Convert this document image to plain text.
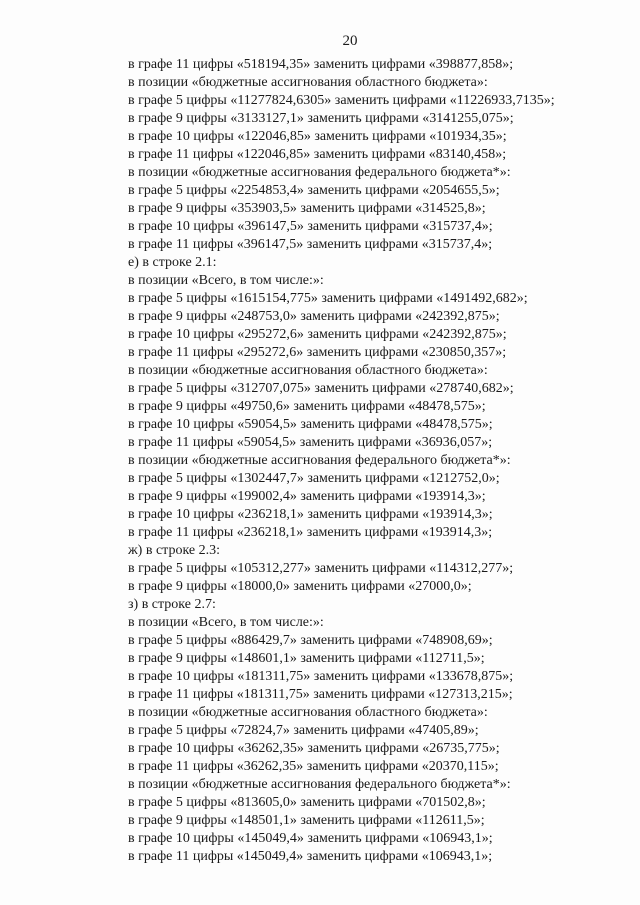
20
в графе 11 цифры «518194,35» заменить цифрами «398877,858»;
в позиции «бюджетные ассигнования областного бюджета»:
в графе 5 цифры «11277824,6305» заменить цифрами «11226933,7135»;
в графе 9 цифры «3133127,1» заменить цифрами «3141255,075»;
в графе 10 цифры «122046,85» заменить цифрами «101934,35»;
в графе 11 цифры «122046,85» заменить цифрами «83140,458»;
в позиции «бюджетные ассигнования федерального бюджета*»:
в графе 5 цифры «2254853,4» заменить цифрами «2054655,5»;
в графе 9 цифры «353903,5» заменить цифрами «314525,8»;
в графе 10 цифры «396147,5» заменить цифрами «315737,4»;
в графе 11 цифры «396147,5» заменить цифрами «315737,4»;
е) в строке 2.1:
в позиции «Всего, в том числе:»:
в графе 5 цифры «1615154,775» заменить цифрами «1491492,682»;
в графе 9 цифры «248753,0» заменить цифрами «242392,875»;
в графе 10 цифры «295272,6» заменить цифрами «242392,875»;
в графе 11 цифры «295272,6» заменить цифрами «230850,357»;
в позиции «бюджетные ассигнования областного бюджета»:
в графе 5 цифры «312707,075» заменить цифрами «278740,682»;
в графе 9 цифры «49750,6» заменить цифрами «48478,575»;
в графе 10 цифры «59054,5» заменить цифрами «48478,575»;
в графе 11 цифры «59054,5» заменить цифрами «36936,057»;
в позиции «бюджетные ассигнования федерального бюджета*»:
в графе 5 цифры «1302447,7» заменить цифрами «1212752,0»;
в графе 9 цифры «199002,4» заменить цифрами «193914,3»;
в графе 10 цифры «236218,1» заменить цифрами «193914,3»;
в графе 11 цифры «236218,1» заменить цифрами «193914,3»;
ж) в строке 2.3:
в графе 5 цифры «105312,277» заменить цифрами «114312,277»;
в графе 9 цифры «18000,0» заменить цифрами «27000,0»;
з) в строке 2.7:
в позиции «Всего, в том числе:»:
в графе 5 цифры «886429,7» заменить цифрами «748908,69»;
в графе 9 цифры «148601,1» заменить цифрами «112711,5»;
в графе 10 цифры «181311,75» заменить цифрами «133678,875»;
в графе 11 цифры «181311,75» заменить цифрами «127313,215»;
в позиции «бюджетные ассигнования областного бюджета»:
в графе 5 цифры «72824,7» заменить цифрами «47405,89»;
в графе 10 цифры «36262,35» заменить цифрами «26735,775»;
в графе 11 цифры «36262,35» заменить цифрами «20370,115»;
в позиции «бюджетные ассигнования федерального бюджета*»:
в графе 5 цифры «813605,0» заменить цифрами «701502,8»;
в графе 9 цифры «148501,1» заменить цифрами «112611,5»;
в графе 10 цифры «145049,4» заменить цифрами «106943,1»;
в графе 11 цифры «145049,4» заменить цифрами «106943,1»;
